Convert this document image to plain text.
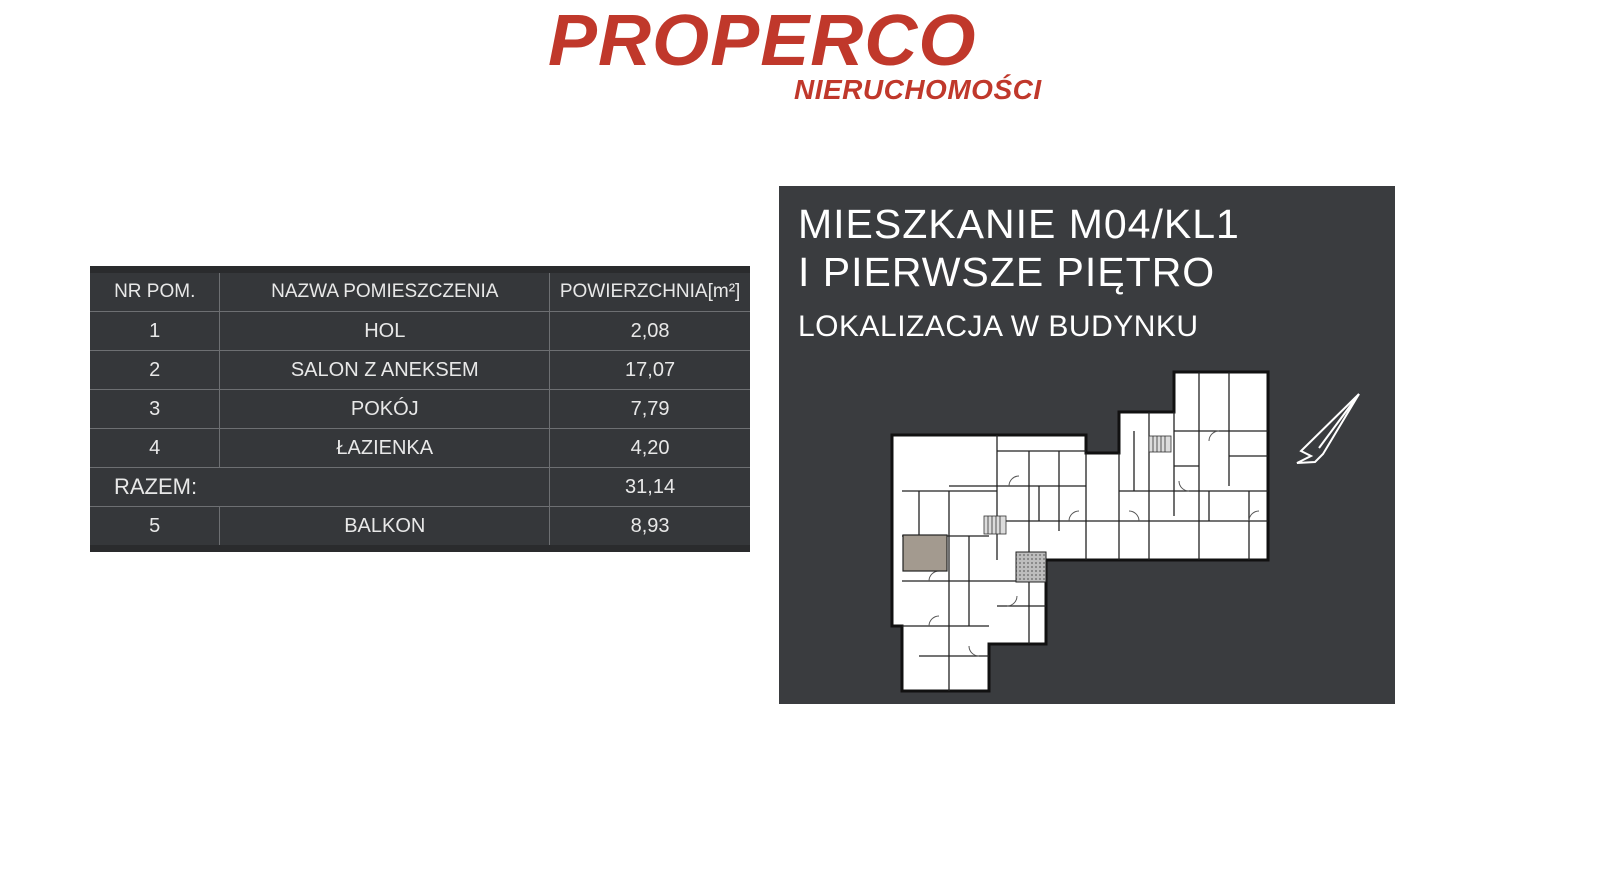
PROPERCO

NIERUCHOMOŚCI

NR POM.	NAZWA POMIESZCZENIA	POWIERZCHNIA[m²]
1	HOL	2,08
2	SALON Z ANEKSEM	17,07
3	POKÓJ	7,79
4	ŁAZIENKA	4,20
RAZEM:		31,14
5	BALKON	8,93

MIESZKANIE M04/KL1
I PIERWSZE PIĘTRO

LOKALIZACJA W BUDYNKU
